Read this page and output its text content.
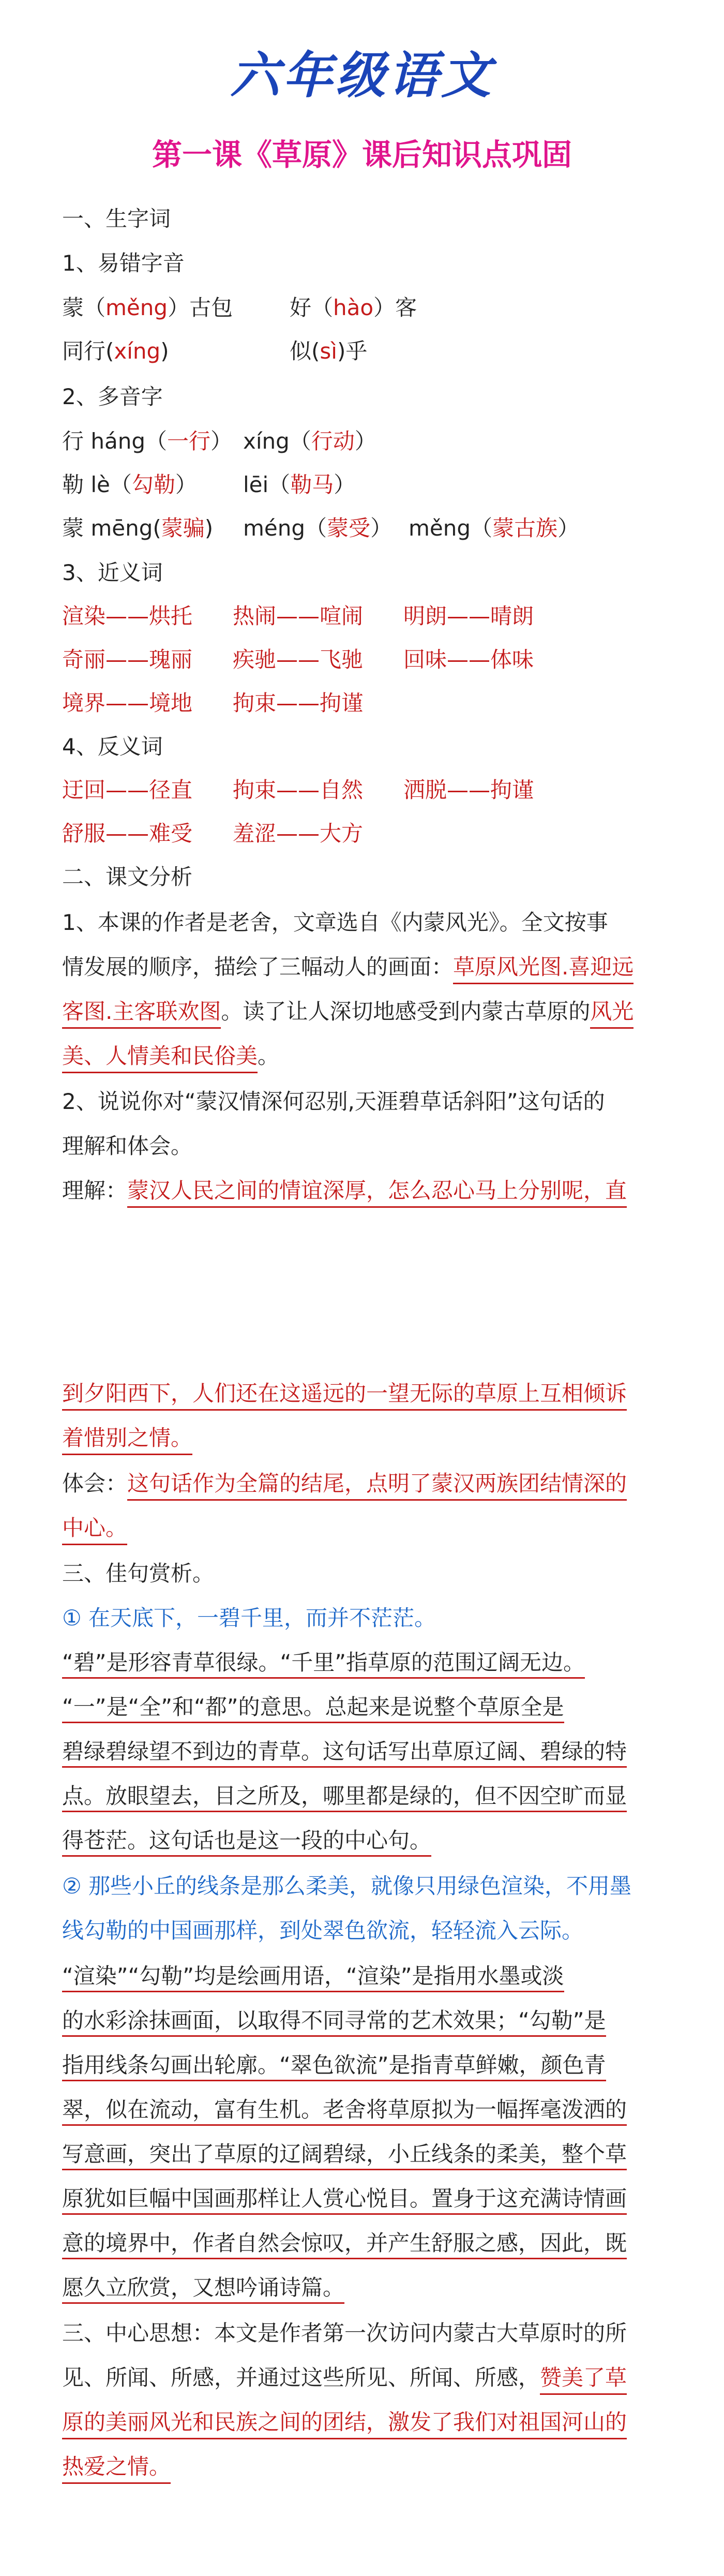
六年级语文
第一课《草原》课后知识点巩固
一、生字词
1、易错字音
蒙（měng）古包	好（hào）客
同行(xíng)	似(sì)乎
2、多音字
行 háng（一行） xíng（行动）
勒 lè（勾勒） lēi（勒马）
蒙 mēng(蒙骗) méng（蒙受） měng（蒙古族）
3、近义词
渲染——烘托 热闹——喧闹 明朗——晴朗
奇丽——瑰丽 疾驰——飞驰 回味——体味
境界——境地 拘束——拘谨
4、反义词
迂回——径直 拘束——自然 洒脱——拘谨
舒服——难受 羞涩——大方
二、课文分析
1、本课的作者是老舍，文章选自《内蒙风光》。全文按事
情发展的顺序，描绘了三幅动人的画面：草原风光图.喜迎远
客图.主客联欢图。读了让人深切地感受到内蒙古草原的风光
美、人情美和民俗美。
2、说说你对“蒙汉情深何忍别,天涯碧草话斜阳”这句话的
理解和体会。
理解：蒙汉人民之间的情谊深厚，怎么忍心马上分别呢，直
到夕阳西下，人们还在这遥远的一望无际的草原上互相倾诉
着惜别之情。
体会：这句话作为全篇的结尾，点明了蒙汉两族团结情深的
中心。
三、佳句赏析。
① 在天底下，一碧千里，而并不茫茫。
“碧”是形容青草很绿。“千里”指草原的范围辽阔无边。
“一”是“全”和“都”的意思。总起来是说整个草原全是
碧绿碧绿望不到边的青草。这句话写出草原辽阔、碧绿的特
点。放眼望去，目之所及，哪里都是绿的，但不因空旷而显
得苍茫。这句话也是这一段的中心句。
② 那些小丘的线条是那么柔美，就像只用绿色渲染，不用墨
线勾勒的中国画那样，到处翠色欲流，轻轻流入云际。
“渲染”“勾勒”均是绘画用语，“渲染”是指用水墨或淡
的水彩涂抹画面，以取得不同寻常的艺术效果；“勾勒”是
指用线条勾画出轮廓。“翠色欲流”是指青草鲜嫩，颜色青
翠，似在流动，富有生机。老舍将草原拟为一幅挥毫泼洒的
写意画，突出了草原的辽阔碧绿，小丘线条的柔美，整个草
原犹如巨幅中国画那样让人赏心悦目。置身于这充满诗情画
意的境界中，作者自然会惊叹，并产生舒服之感，因此，既
愿久立欣赏，又想吟诵诗篇。
三、中心思想：本文是作者第一次访问内蒙古大草原时的所
见、所闻、所感，并通过这些所见、所闻、所感，赞美了草
原的美丽风光和民族之间的团结，激发了我们对祖国河山的
热爱之情。
